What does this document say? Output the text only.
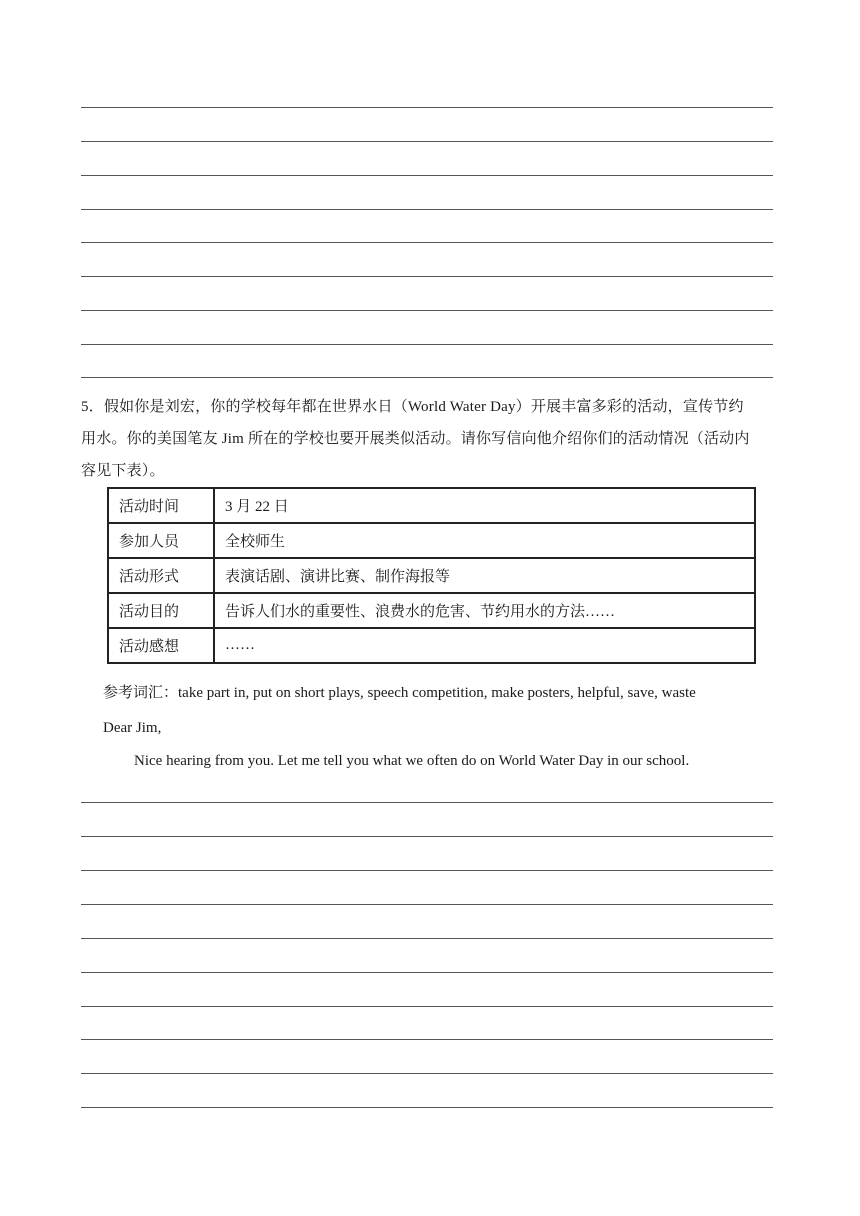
5．假如你是刘宏，你的学校每年都在世界水日（World Water Day）开展丰富多彩的活动，宣传节约

用水。你的美国笔友 Jim 所在的学校也要开展类似活动。请你写信向他介绍你们的活动情况（活动内

容见下表）。

活动时间	3 月 22 日
参加人员	全校师生
活动形式	表演话剧、演讲比赛、制作海报等
活动目的	告诉人们水的重要性、浪费水的危害、节约用水的方法……
活动感想	……
参考词汇：take part in, put on short plays, speech competition, make posters, helpful, save, waste
Dear Jim,
Nice hearing from you. Let me tell you what we often do on World Water Day in our school.
